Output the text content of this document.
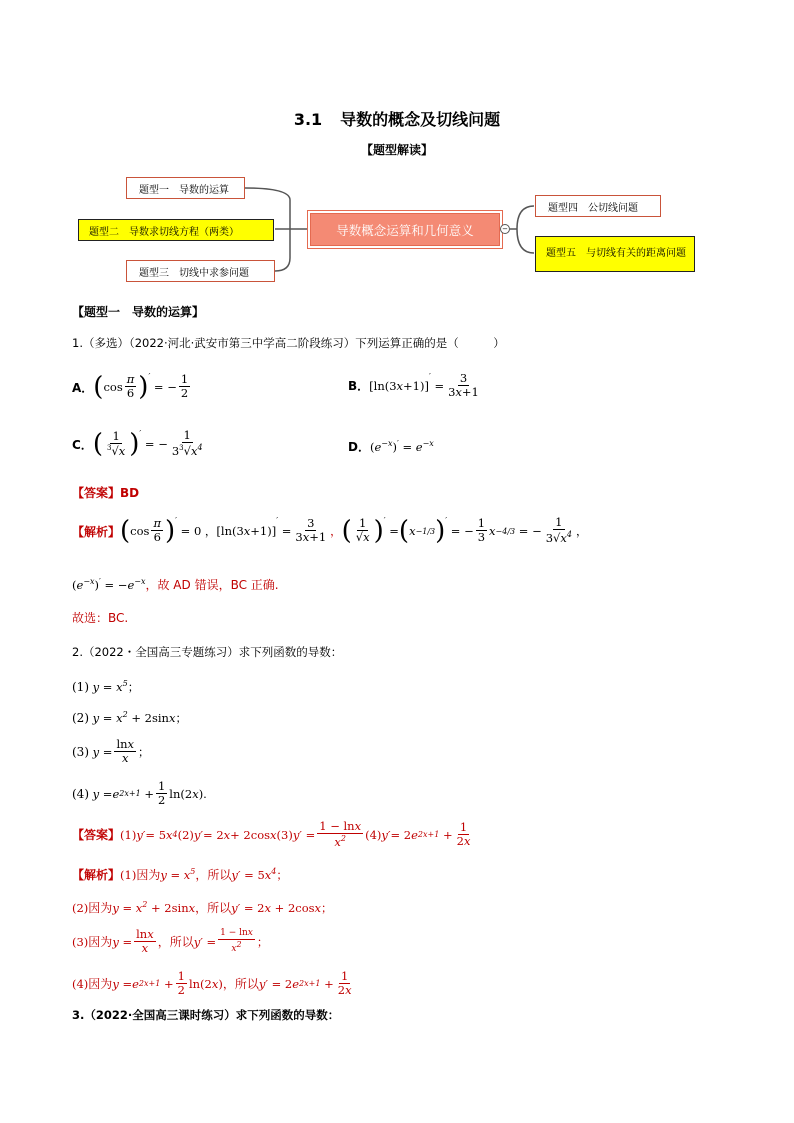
3.1 导数的概念及切线问题
【题型解读】
题型一　导数的运算
题型二　导数求切线方程（两类）
题型三　切线中求参问题
导数概念运算和几何意义	−
题型四　公切线问题
题型五　与切线有关的距离问题
【题型一　导数的运算】
1.（多选）（2022·河北·武安市第三中学高二阶段练习）下列运算正确的是（　　　）
A． ( $\cos \frac{\pi}{6}$ ) ′
= − $\frac{1}{2}$	B． [ln(3 x +1)]
′
= $\frac{3}{3x+1}$
C． ( $\frac{1}{^3√x}$ ) ′
= − $\frac{1}{3^3√x^4}$	D． $(e^{-x})' = e^{-x}$
【答案】BD
【解析】 ( $\cos \frac{\pi}{6}$ ) ′
= 0 ，[ln(3 x +1)]
′
= $\frac{3}{3x+1}$ ， ( $\frac{1}{√x}$ ) ′
= ( x −1/3 ) ′
= − $\frac{1}{3}$ x −4/3 = − $\frac{1}{3√x^4}$ ，
$(e^{-x})' = -e^{-x}$，故 AD 错误，BC 正确.
故选：BC.
2.（2022・全国高三专题练习）求下列函数的导数：
(1) $y = x^5$；
(2) $y = x^2 + 2\sin x$；
(3) $y = \frac{\ln x}{x}$ ；
(4) y = e $2x+1 + \frac{1}{2} \ln(2$ x ).
【答案】 (1) y′ = 5 x 4 (2) y′ = 2 x + 2cos x (3) $y' = \frac{1 - \ln x}{x^2} (4) y' = 2$ e $2x+1 + \frac{1}{2x}$
【解析】(1)因为$y = x^5$，所以$y' = 5x^4$；
(2)因为$y = x^2 + 2\sin x$，所以y′ = 2x + 2cosx；
(3) 因为 $y = \frac{\ln x}{x}$ ，所以 $y' = \frac{1 - \ln x}{x2}$ ；
(4) 因为 y = e $2x+1 + \frac{1}{2} \ln(2$ x ) ，所以 y′ = 2 e $2x+1 + \frac{1}{2x}$
3.（2022·全国高三课时练习）求下列函数的导数：
